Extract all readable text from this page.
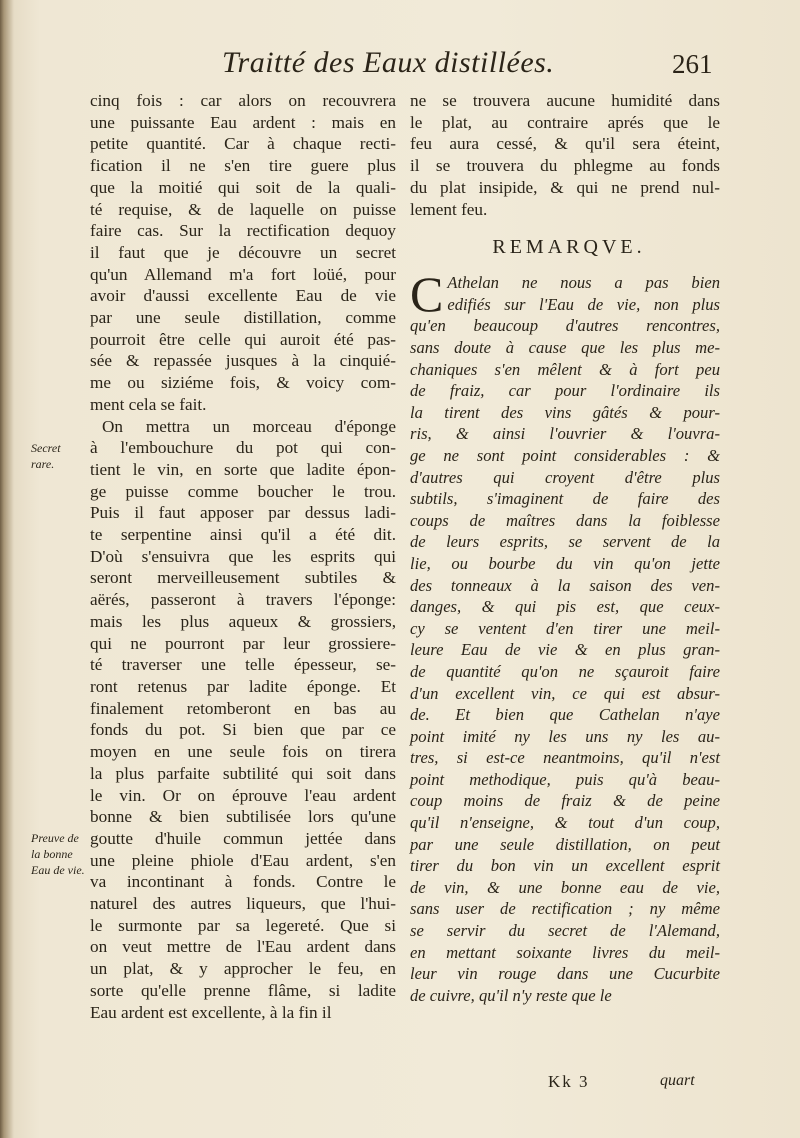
Traitté des Eaux distillées.	261
cinq fois : car alors on recouvrera
une puissante Eau ardent : mais en
petite quantité. Car à chaque recti-
fication il ne s'en tire guere plus
que la moitié qui soit de la quali-
té requise, & de laquelle on puisse
faire cas. Sur la rectification dequoy
il faut que je découvre un secret
qu'un Allemand m'a fort loüé, pour
avoir d'aussi excellente Eau de vie
par une seule distillation, comme
pourroit être celle qui auroit été pas-
sée & repassée jusques à la cinquié-
me ou siziéme fois, & voicy com-
ment cela se fait.
On mettra un morceau d'éponge
à l'embouchure du pot qui con-
tient le vin, en sorte que ladite épon-
ge puisse comme boucher le trou.
Puis il faut apposer par dessus ladi-
te serpentine ainsi qu'il a été dit.
D'où s'ensuivra que les esprits qui
seront merveilleusement subtiles &
aërés, passeront à travers l'éponge:
mais les plus aqueux & grossiers,
qui ne pourront par leur grossiere-
té traverser une telle épesseur, se-
ront retenus par ladite éponge. Et
finalement retomberont en bas au
fonds du pot. Si bien que par ce
moyen en une seule fois on tirera
la plus parfaite subtilité qui soit dans
le vin. Or on éprouve l'eau ardent
bonne & bien subtilisée lors qu'une
goutte d'huile commun jettée dans
une pleine phiole d'Eau ardent, s'en
va incontinant à fonds. Contre le
naturel des autres liqueurs, que l'hui-
le surmonte par sa legereté. Que si
on veut mettre de l'Eau ardent dans
un plat, & y approcher le feu, en
sorte qu'elle prenne flâme, si ladite
Eau ardent est excellente, à la fin il
Secret rare.
Preuve de la bonne Eau de vie.
ne se trouvera aucune humidité dans
le plat, au contraire aprés que le
feu aura cessé, & qu'il sera éteint,
il se trouvera du phlegme au fonds
du plat insipide, & qui ne prend nul-
lement feu.
REMARQVE.
C Athelan ne nous a pas bien
edifiés sur l'Eau de vie, non plus
qu'en beaucoup d'autres rencontres,
sans doute à cause que les plus me-
chaniques s'en mêlent & à fort peu
de fraiz, car pour l'ordinaire ils
la tirent des vins gâtés & pour-
ris, & ainsi l'ouvrier & l'ouvra-
ge ne sont point considerables : &
d'autres qui croyent d'être plus
subtils, s'imaginent de faire des
coups de maîtres dans la foiblesse
de leurs esprits, se servent de la
lie, ou bourbe du vin qu'on jette
des tonneaux à la saison des ven-
danges, & qui pis est, que ceux-
cy se ventent d'en tirer une meil-
leure Eau de vie & en plus gran-
de quantité qu'on ne sçauroit faire
d'un excellent vin, ce qui est absur-
de. Et bien que Cathelan n'aye
point imité ny les uns ny les au-
tres, si est-ce neantmoins, qu'il n'est
point methodique, puis qu'à beau-
coup moins de fraiz & de peine
qu'il n'enseigne, & tout d'un coup,
par une seule distillation, on peut
tirer du bon vin un excellent esprit
de vin, & une bonne eau de vie,
sans user de rectification ; ny même
se servir du secret de l'Alemand,
en mettant soixante livres du meil-
leur vin rouge dans une Cucurbite
de cuivre, qu'il n'y reste que le
Kk 3	quart
